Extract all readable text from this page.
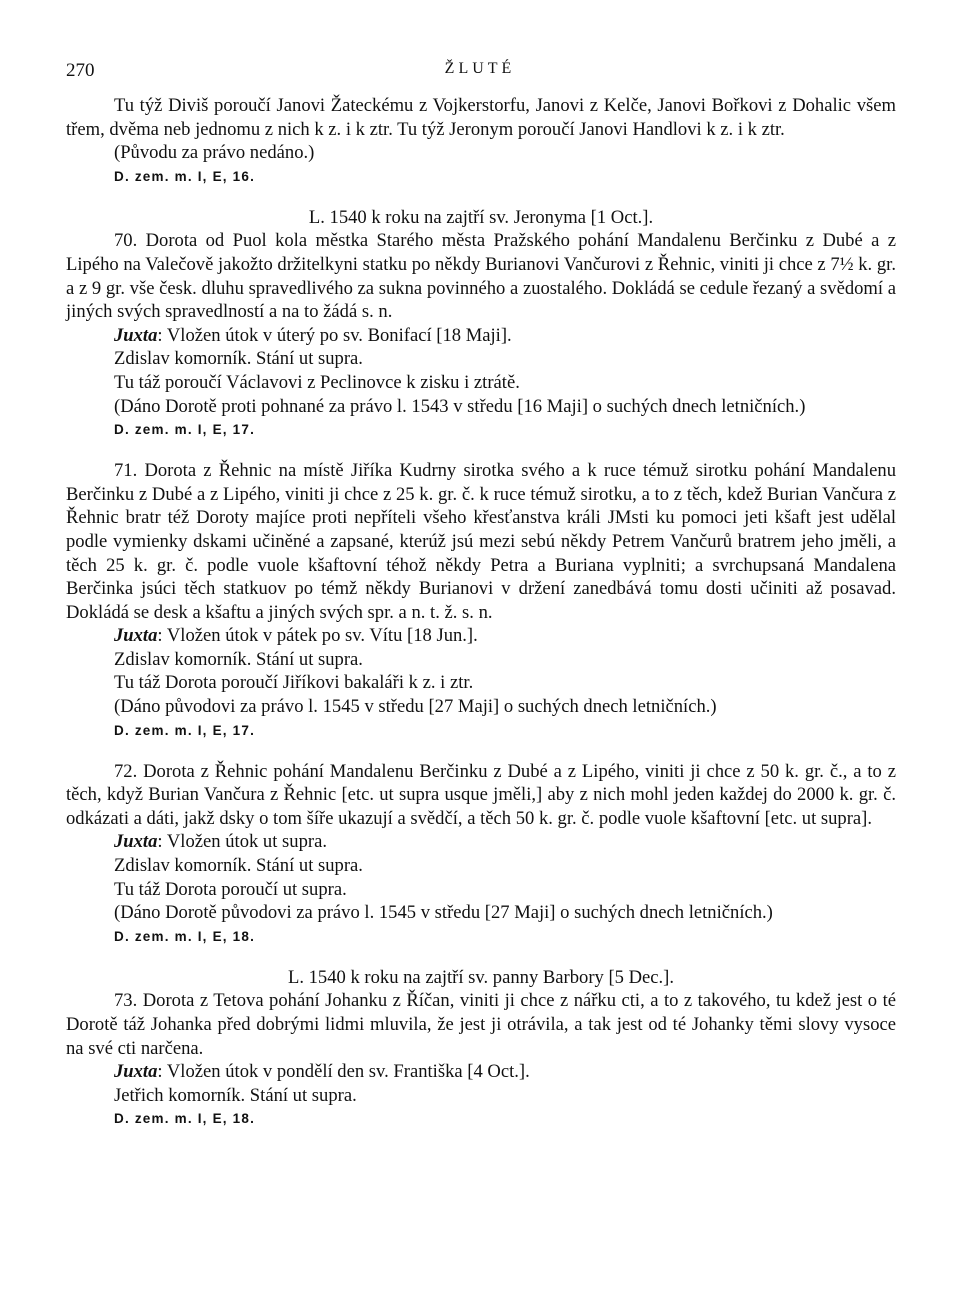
270	ŽLUTÉ

Tu týž Diviš poroučí Janovi Žateckému z Vojkerstorfu, Janovi z Kelče, Janovi Bořkovi z Dohalic všem třem, dvěma neb jednomu z nich k z. i k ztr. Tu týž Jeronym poroučí Janovi Handlovi k z. i k ztr.

(Původu za právo nedáno.)
D. zem. m. I, E, 16.
L. 1540 k roku na zajtří sv. Jeronyma [1 Oct.].

70. Dorota od Puol kola městka Starého města Pražského pohání Mandalenu Berčinku z Dubé a z Lipého na Valečově jakožto držitelkyni statku po někdy Burianovi Vančurovi z Řehnic, viniti ji chce z 7½ k. gr. a z 9 gr. vše česk. dluhu spravedlivého za sukna povinného a zuostalého. Dokládá se cedule řezaný a svědomí a jiných svých spravedlností a na to žádá s. n.

Juxta: Vložen útok v úterý po sv. Bonifací [18 Maji].
Zdislav komorník. Stání ut supra.
Tu táž poroučí Václavovi z Peclinovce k zisku i ztrátě.
(Dáno Dorotě proti pohnané za právo l. 1543 v středu [16 Maji] o suchých dnech letničních.)
D. zem. m. I, E, 17.

71. Dorota z Řehnic na místě Jiříka Kudrny sirotka svého a k ruce témuž sirotku pohání Mandalenu Berčinku z Dubé a z Lipého, viniti ji chce z 25 k. gr. č. k ruce témuž sirotku, a to z těch, kdež Burian Vančura z Řehnic bratr též Doroty majíce proti nepříteli všeho křesťanstva králi JMsti ku pomoci jeti kšaft jest udělal podle vymienky dskami učiněné a zapsané, kterúž jsú mezi sebú někdy Petrem Vančurů bratrem jeho jměli, a těch 25 k. gr. č. podle vuole kšaftovní téhož někdy Petra a Buriana vyplniti; a svrchupsaná Mandalena Berčinka jsúci těch statkuov po témž někdy Burianovi v držení zanedbává tomu dosti učiniti až posavad. Dokládá se desk a kšaftu a jiných svých spr. a n. t. ž. s. n.

Juxta: Vložen útok v pátek po sv. Vítu [18 Jun.].
Zdislav komorník. Stání ut supra.
Tu táž Dorota poroučí Jiříkovi bakaláři k z. i ztr.
(Dáno původovi za právo l. 1545 v středu [27 Maji] o suchých dnech letničních.)
D. zem. m. I, E, 17.

72. Dorota z Řehnic pohání Mandalenu Berčinku z Dubé a z Lipého, viniti ji chce z 50 k. gr. č., a to z těch, když Burian Vančura z Řehnic [etc. ut supra usque jměli,] aby z nich mohl jeden každej do 2000 k. gr. č. odkázati a dáti, jakž dsky o tom šíře ukazují a svědčí, a těch 50 k. gr. č. podle vuole kšaftovní [etc. ut supra].

Juxta: Vložen útok ut supra.
Zdislav komorník. Stání ut supra.
Tu táž Dorota poroučí ut supra.
(Dáno Dorotě původovi za právo l. 1545 v středu [27 Maji] o suchých dnech letničních.)
D. zem. m. I, E, 18.
L. 1540 k roku na zajtří sv. panny Barbory [5 Dec.].

73. Dorota z Tetova pohání Johanku z Říčan, viniti ji chce z nářku cti, a to z takového, tu kdež jest o té Dorotě táž Johanka před dobrými lidmi mluvila, že jest ji otrávila, a tak jest od té Johanky těmi slovy vysoce na své cti narčena.

Juxta: Vložen útok v pondělí den sv. Františka [4 Oct.].
Jetřich komorník. Stání ut supra.
D. zem. m. I, E, 18.
